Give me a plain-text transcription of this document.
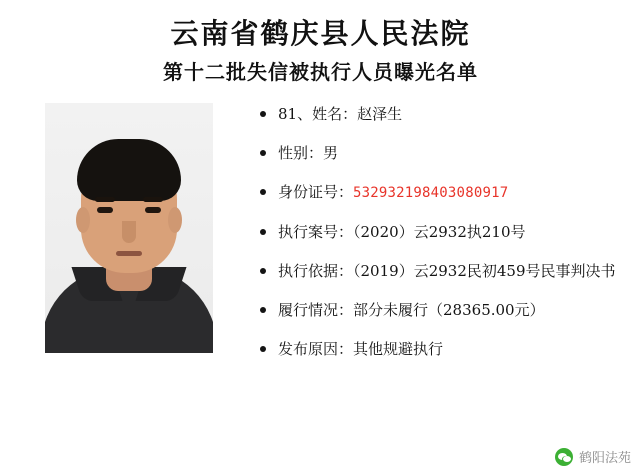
云南省鹤庆县人民法院
第十二批失信被执行人员曝光名单
81、姓名：赵泽生
性别：男
身份证号：532932198403080917
执行案号：（2020）云2932执210号
执行依据：（2019）云2932民初459号民事判决书
履行情况：部分未履行（28365.00元）
发布原因：其他规避执行
鹤阳法苑
